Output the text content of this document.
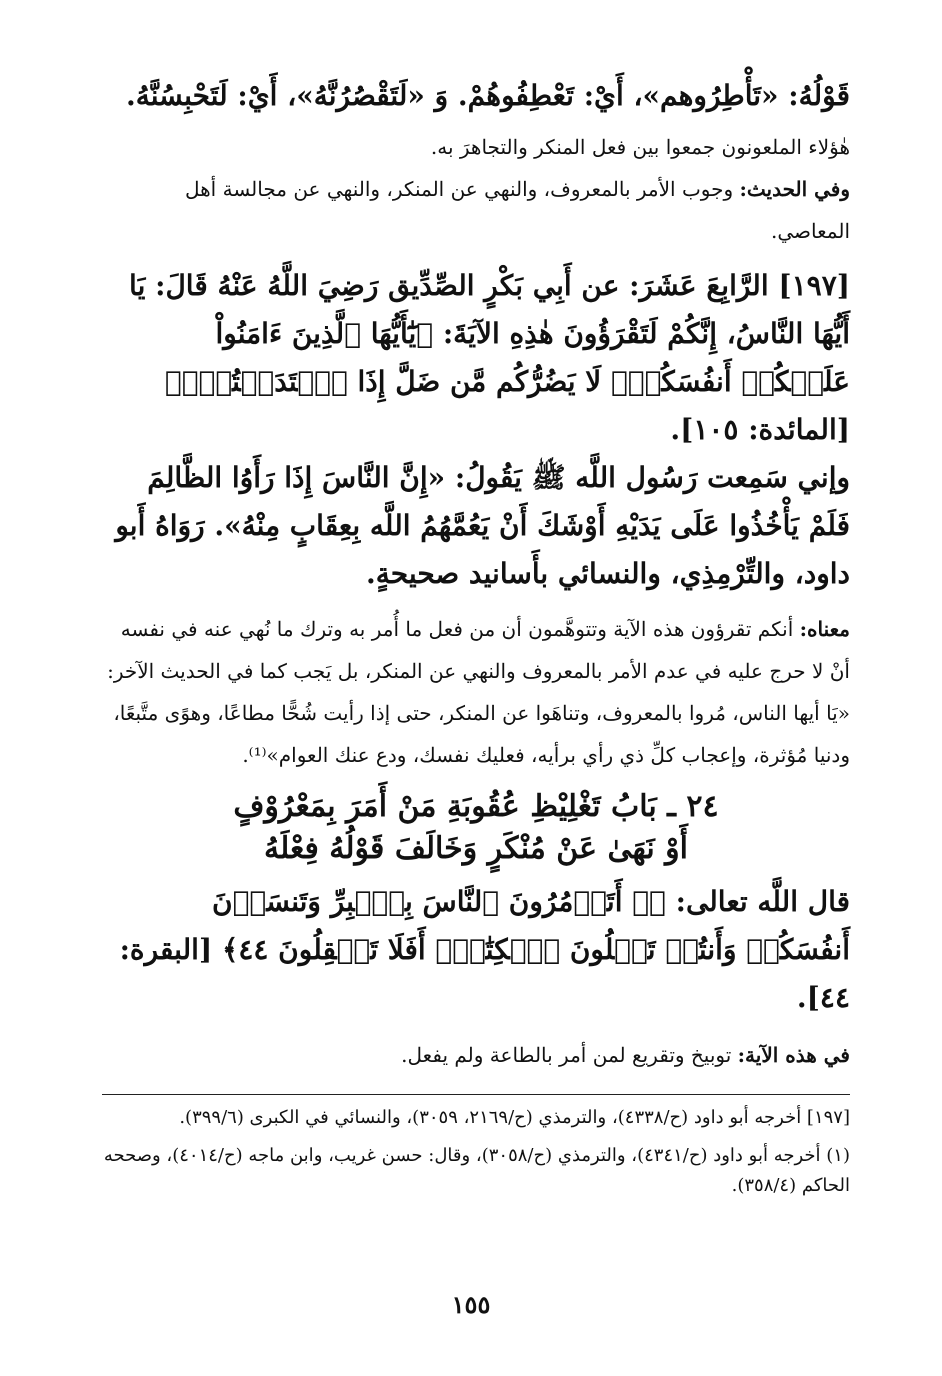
قَوْلُهُ: «تَأْطِرُوهم»، أَيْ: تَعْطِفُوهُمْ. وَ «لَتَقْصُرُنَّهُ»، أَيْ: لَتَحْبِسُنَّهُ.

هٰؤلاء الملعونون جمعوا بين فعل المنكر والتجاهرَ به.

وفي الحديث: وجوب الأمر بالمعروف، والنهي عن المنكر، والنهي عن مجالسة أهل المعاصي.

[١٩٧] الرَّابِعَ عَشَرَ: عن أَبِي بَكْرٍ الصِّدِّيق رَضِيَ اللَّهُ عَنْهُ قَالَ: يَا أَيُّهَا النَّاسُ، إِنَّكُمْ لَتَقْرَؤُونَ هٰذِهِ الآيَةَ: ﴿يَٰٓأَيُّهَا ٱلَّذِينَ ءَامَنُواْ عَلَيۡكُمۡ أَنفُسَكُمۡۖ لَا يَضُرُّكُم مَّن ضَلَّ إِذَا ٱهۡتَدَيۡتُمۡۚ﴾ [المائدة: ١٠٥].

وإني سَمِعت رَسُول اللَّه ﷺ يَقُولُ: «إِنَّ النَّاسَ إِذَا رَأَوُا الظَّالِمَ فَلَمْ يَأْخُذُوا عَلَى يَدَيْهِ أَوْشَكَ أَنْ يَعُمَّهُمُ اللَّه بِعِقَابٍ مِنْهُ». رَوَاهُ أَبو داود، والتِّرْمِذِي، والنسائي بأَسانيد صحيحةٍ.

معناه: أنكم تقرؤون هذه الآية وتتوهَّمون أن من فعل ما أُمر به وترك ما نُهي عنه في نفسه أنْ لا حرج عليه في عدم الأمر بالمعروف والنهي عن المنكر، بل يَجب كما في الحديث الآخر: «يَا أيها الناس، مُروا بالمعروف، وتناهَوا عن المنكر، حتى إذا رأيت شُحًّا مطاعًا، وهوًى متَّبعًا، ودنيا مُؤثرة، وإعجاب كلِّ ذي رأي برأيه، فعليك نفسك، ودع عنك العوام»⁽¹⁾.

٢٤ ـ بَابُ تَغْلِيْظِ عُقُوبَةِ مَنْ أَمَرَ بِمَعْرُوْفٍ
أَوْ نَهَىٰ عَنْ مُنْكَرٍ وَخَالَفَ قَوْلُهُ فِعْلَهُ

قال اللَّه تعالى: ﴿۞ أَتَأۡمُرُونَ ٱلنَّاسَ بِٱلۡبِرِّ وَتَنسَوۡنَ أَنفُسَكُمۡ وَأَنتُمۡ تَتۡلُونَ ٱلۡكِتَٰبَۚ أَفَلَا تَعۡقِلُونَ ٤٤﴾ [البقرة: ٤٤].

في هذه الآية: توبيخ وتقريع لمن أمر بالطاعة ولم يفعل.

[١٩٧] أخرجه أبو داود (ح/٤٣٣٨)، والترمذي (ح/٢١٦٩، ٣٠٥٩)، والنسائي في الكبرى (٣٩٩/٦).

(١) أخرجه أبو داود (ح/٤٣٤١)، والترمذي (ح/٣٠٥٨)، وقال: حسن غريب، وابن ماجه (ح/٤٠١٤)، وصححه الحاكم (٣٥٨/٤).

١٥٥
